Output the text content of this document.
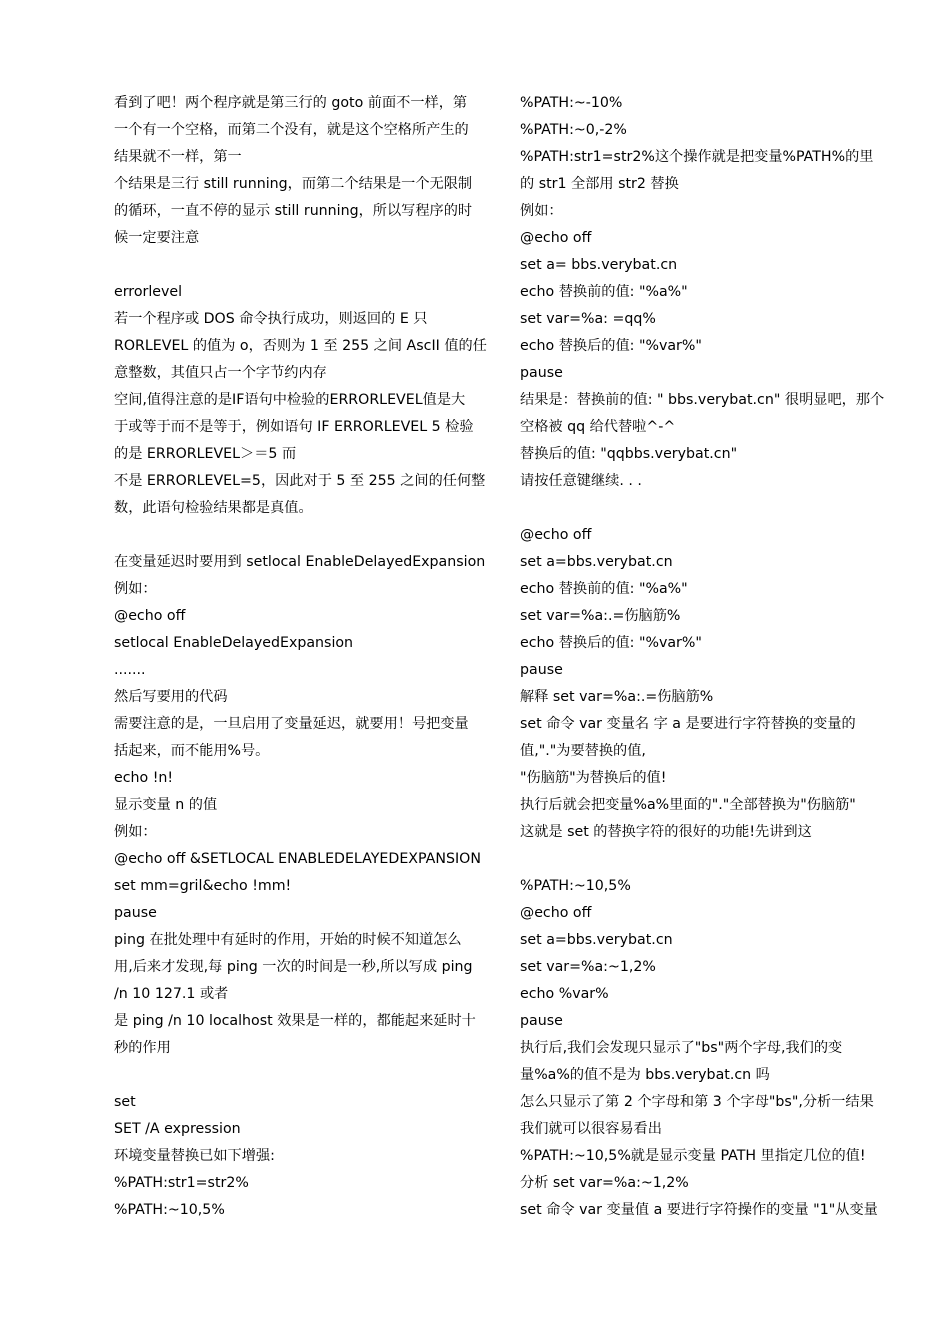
看到了吧！两个程序就是第三行的 goto 前面不一样，第
一个有一个空格，而第二个没有，就是这个空格所产生的
结果就不一样，第一
个结果是三行 still running，而第二个结果是一个无限制
的循环，一直不停的显示 still running，所以写程序的时
候一定要注意
errorlevel
若一个程序或 DOS 命令执行成功，则返回的 E 只
RORLEVEL 的值为 o，否则为 1 至 255 之间 AscII 值的任
意整数，其值只占一个字节约内存
空间,值得注意的是IF语句中检验的ERRORLEVEL值是大
于或等于而不是等于，例如语句 IF ERRORLEVEL 5 检验
的是 ERRORLEVEL＞＝5 而
不是 ERRORLEVEL=5，因此对于 5 至 255 之间的任何整
数，此语句检验结果都是真值。
在变量延迟时要用到 setlocal EnableDelayedExpansion
例如：
@echo off
setlocal EnableDelayedExpansion
.......
然后写要用的代码
需要注意的是，一旦启用了变量延迟，就要用！号把变量
括起来，而不能用%号。
echo !n!
显示变量 n 的值
例如：
@echo off &SETLOCAL ENABLEDELAYEDEXPANSION
set mm=gril&echo !mm!
pause
ping 在批处理中有延时的作用，开始的时候不知道怎么
用,后来才发现,每 ping 一次的时间是一秒,所以写成 ping
/n 10 127.1 或者
是 ping /n 10 localhost 效果是一样的，都能起来延时十
秒的作用
set
SET /A expression
环境变量替换已如下增强:
%PATH:str1=str2%
%PATH:~10,5%
%PATH:~-10%
%PATH:~0,-2%
%PATH:str1=str2%这个操作就是把变量%PATH%的里
的 str1 全部用 str2 替换
例如：
@echo off
set a= bbs.verybat.cn
echo 替换前的值: "%a%"
set var=%a: =qq%
echo 替换后的值: "%var%"
pause
结果是：替换前的值: " bbs.verybat.cn" 很明显吧，那个
空格被 qq 给代替啦^-^
替换后的值: "qqbbs.verybat.cn"
请按任意键继续. . .
@echo off
set a=bbs.verybat.cn
echo 替换前的值: "%a%"
set var=%a:.=伤脑筋%
echo 替换后的值: "%var%"
pause
解释 set var=%a:.=伤脑筋%
set 命令 var 变量名 字 a 是要进行字符替换的变量的
值,"."为要替换的值,
"伤脑筋"为替换后的值!
执行后就会把变量%a%里面的"."全部替换为"伤脑筋"
这就是 set 的替换字符的很好的功能!先讲到这
%PATH:~10,5%
@echo off
set a=bbs.verybat.cn
set var=%a:~1,2%
echo %var%
pause
执行后,我们会发现只显示了"bs"两个字母,我们的变
量%a%的值不是为 bbs.verybat.cn 吗
怎么只显示了第 2 个字母和第 3 个字母"bs",分析一结果
我们就可以很容易看出
%PATH:~10,5%就是显示变量 PATH 里指定几位的值!
分析 set var=%a:~1,2%
set 命令 var 变量值 a 要进行字符操作的变量 "1"从变量
